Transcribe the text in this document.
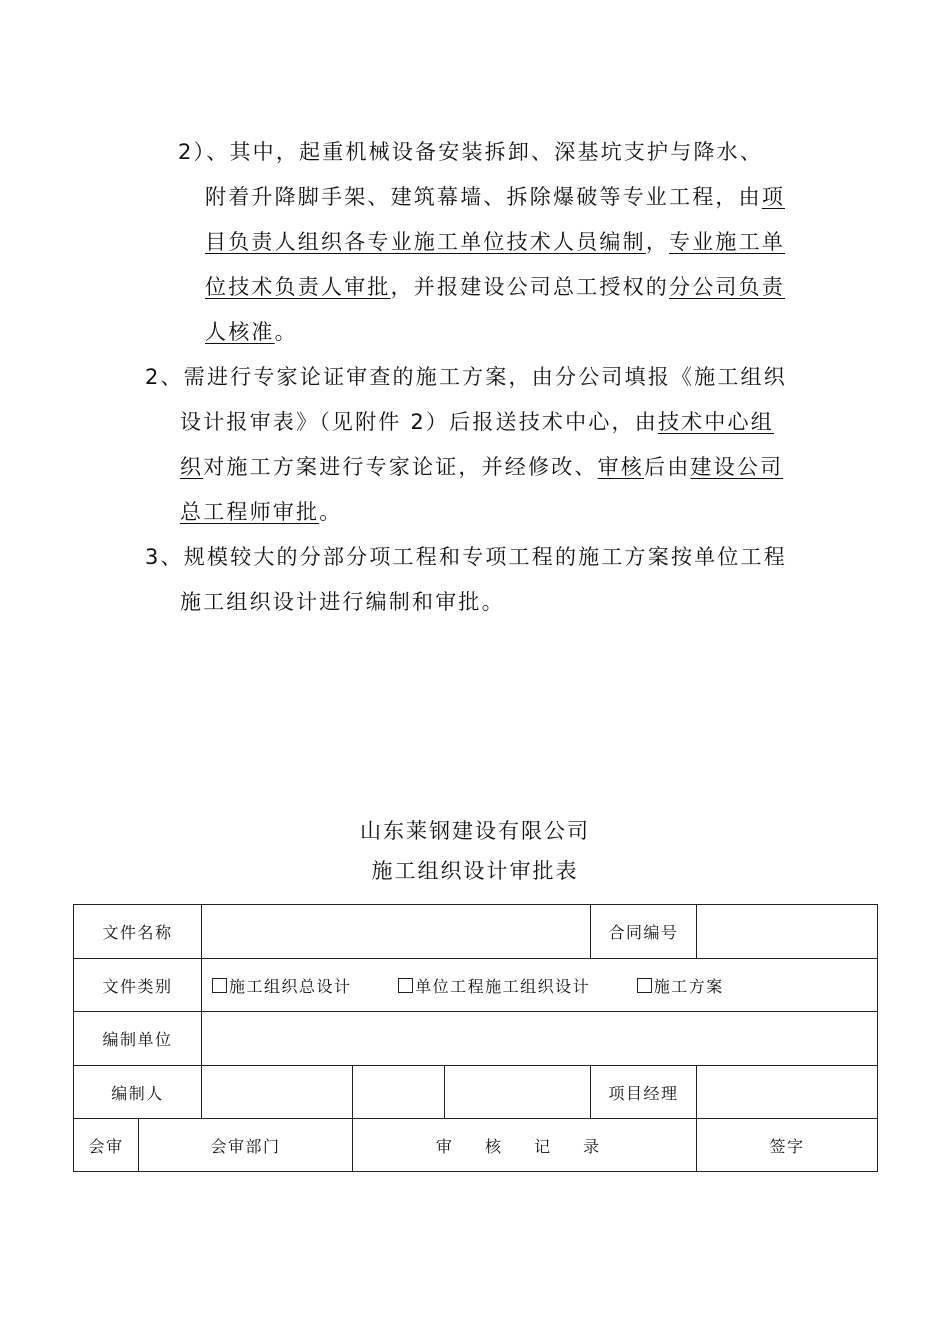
2）、其中，起重机械设备安装拆卸、深基坑支护与降水、
附着升降脚手架、建筑幕墙、拆除爆破等专业工程，由项
目负责人组织各专业施工单位技术人员编制，专业施工单
位技术负责人审批，并报建设公司总工授权的分公司负责
人核准。
2、需进行专家论证审查的施工方案，由分公司填报《施工组织
设计报审表》（见附件 2）后报送技术中心，由技术中心组
织对施工方案进行专家论证，并经修改、审核后由建设公司
总工程师审批。
3、规模较大的分部分项工程和专项工程的施工方案按单位工程
施工组织设计进行编制和审批。
山东莱钢建设有限公司
施工组织设计审批表
文件名称					合同编号	
文件类别		施工组织总设计 单位工程施工组织设计 施工方案				
编制单位						
编制人					项目经理	
会审	会审部门		审 核 记 录			签字
